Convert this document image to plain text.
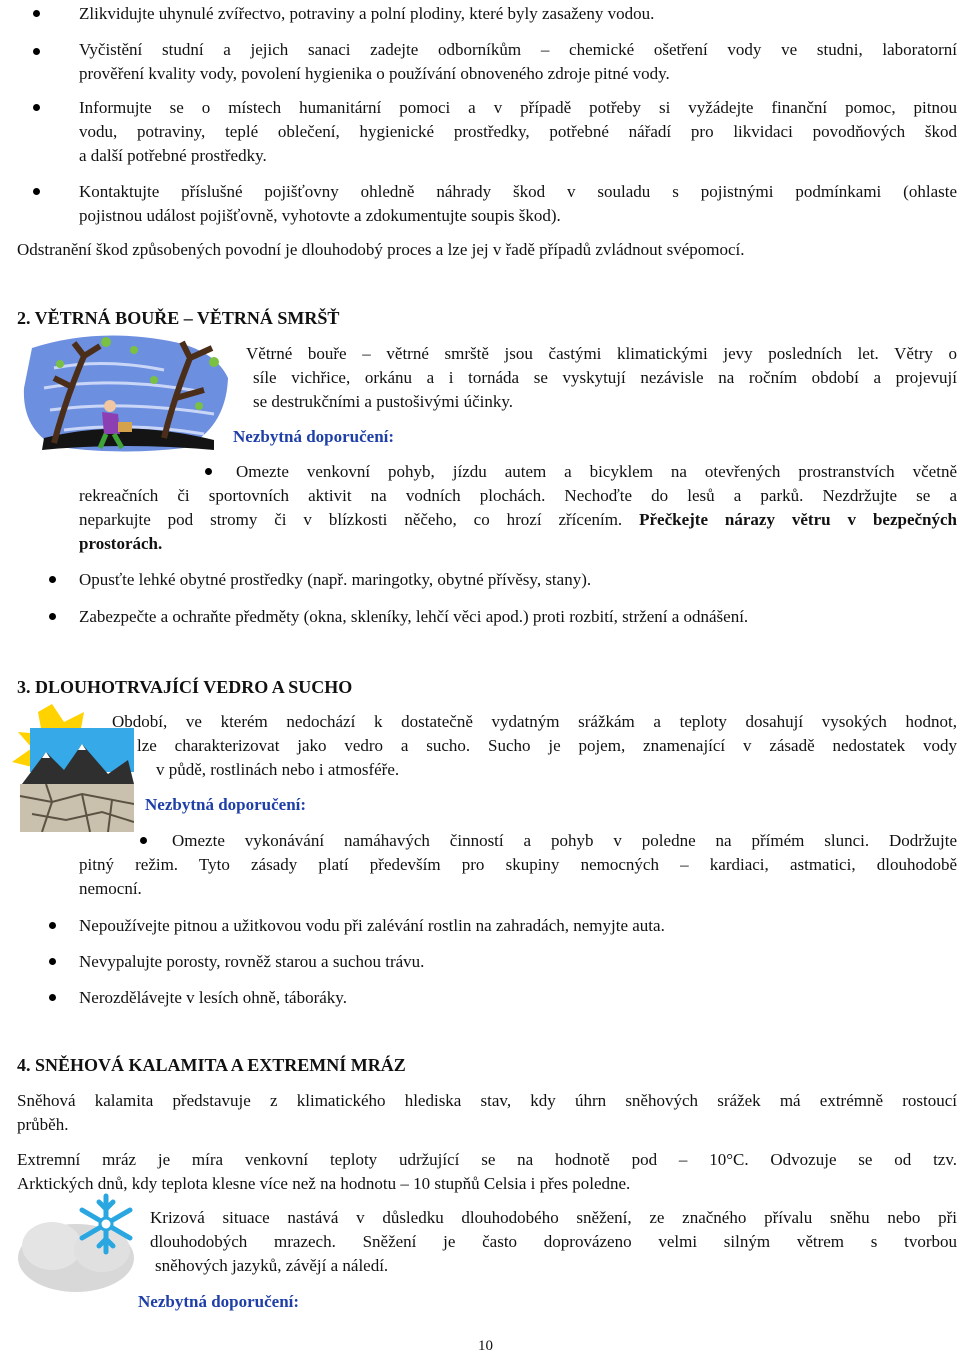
Zlikvidujte uhynulé zvířectvo, potraviny a polní plodiny, které byly zasaženy vodou.
Vyčistění studní a jejich sanaci zadejte odborníkům – chemické ošetření vody ve studni, laboratorní
prověření kvality vody, povolení hygienika o používání obnoveného zdroje pitné vody.
Informujte se o místech humanitární pomoci a v případě potřeby si vyžádejte finanční pomoc, pitnou
vodu, potraviny, teplé oblečení, hygienické prostředky, potřebné nářadí pro likvidaci povodňových škod
a další potřebné prostředky.
Kontaktujte příslušné pojišťovny ohledně náhrady škod v souladu s pojistnými podmínkami (ohlaste
pojistnou událost pojišťovně, vyhotovte a zdokumentujte soupis škod).
Odstranění škod způsobených povodní je dlouhodobý proces a lze jej v řadě případů zvládnout svépomocí.
2. VĚTRNÁ BOUŘE – VĚTRNÁ SMRŠŤ
Větrné bouře – větrné smrště jsou častými klimatickými jevy posledních let. Větry o
síle vichřice, orkánu a i tornáda se vyskytují nezávisle na ročním období a projevují
se destrukčními a pustošivými účinky.
Nezbytná doporučení:
Omezte venkovní pohyb, jízdu autem a bicyklem na otevřených prostranstvích včetně
rekreačních či sportovních aktivit na vodních plochách. Nechoďte do lesů a parků. Nezdržujte se a
neparkujte pod stromy či v blízkosti něčeho, co hrozí zřícením. Přečkejte nárazy větru v bezpečných
prostorách.
Opusťte lehké obytné prostředky (např. maringotky, obytné přívěsy, stany).
Zabezpečte a ochraňte předměty (okna, skleníky, lehčí věci apod.) proti rozbití, stržení a odnášení.
3. DLOUHOTRVAJÍCÍ VEDRO A SUCHO
Období, ve kterém nedochází k dostatečně vydatným srážkám a teploty dosahují vysokých hodnot,
lze charakterizovat jako vedro a sucho. Sucho je pojem, znamenající v zásadě nedostatek vody
v půdě, rostlinách nebo i atmosféře.
Nezbytná doporučení:
Omezte vykonávání namáhavých činností a pohyb v poledne na přímém slunci. Dodržujte
pitný režim. Tyto zásady platí především pro skupiny nemocných – kardiaci, astmatici, dlouhodobě
nemocní.
Nepoužívejte pitnou a užitkovou vodu při zalévání rostlin na zahradách, nemyjte auta.
Nevypalujte porosty, rovněž starou a suchou trávu.
Nerozdělávejte v lesích ohně, táboráky.
4. SNĚHOVÁ KALAMITA A EXTREMNÍ MRÁZ
Sněhová kalamita představuje z klimatického hlediska stav, kdy úhrn sněhových srážek má extrémně rostoucí
průběh.
Extremní mráz je míra venkovní teploty udržující se na hodnotě pod – 10°C. Odvozuje se od tzv.
Arktických dnů, kdy teplota klesne více než na hodnotu – 10 stupňů Celsia i přes poledne.
Krizová situace nastává v důsledku dlouhodobého sněžení, ze značného přívalu sněhu nebo při
dlouhodobých mrazech. Sněžení je často doprovázeno velmi silným větrem s tvorbou
sněhových jazyků, závějí a náledí.
Nezbytná doporučení:
10
